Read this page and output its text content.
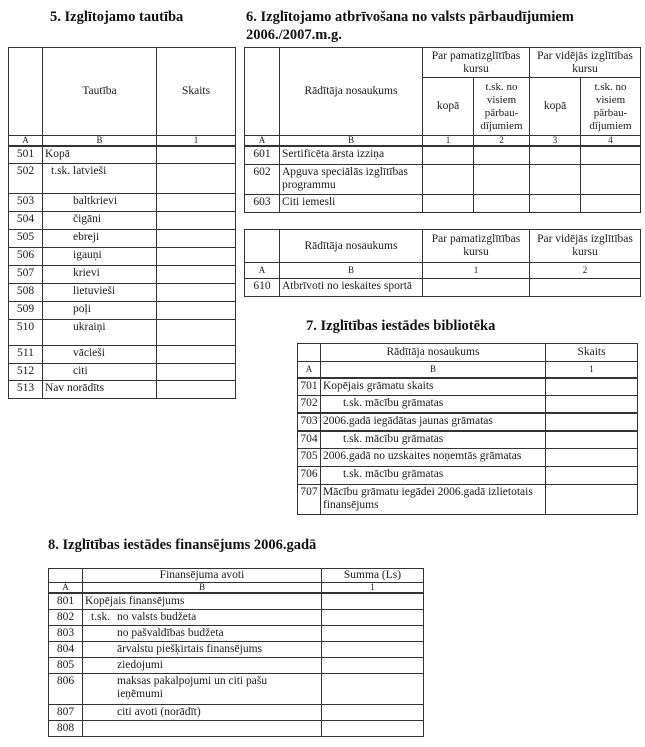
5. Izglītojamo tautība
	Tautība	Skaits
A	B	1
501	Kopā	
502	t.sk. latvieši	
503	baltkrievi	
504	čigāni	
505	ebreji	
506	igauņi	
507	krievi	
508	lietuvieši	
509	poļi	
510	ukraiņi	
511	vācieši	
512	citi	
513	Nav norādīts	
6. Izglītojamo atbrīvošana no valsts pārbaudījumiem
2006./2007.m.g.
	Rādītāja nosaukums	Par pamatizglītības kursu		Par vidējās izglītības kursu	
		kopā	t.sk. no visiem pārbau-dījumiem	kopā	t.sk. no visiem pārbau-dījumiem
A	B	1	2	3	4
601	Sertificēta ārsta izziņa				
602	Apguva speciālās izglītības programmu				
603	Citi iemesli				
	Rādītāja nosaukums	Par pamatizglītības kursu	Par vidējās izglītības kursu
A	B	1	2
610	Atbrīvoti no ieskaites sportā		
7. Izglītības iestādes bibliotēka
	Rādītāja nosaukums	Skaits
A	B	1
701	Kopējais grāmatu skaits	
702	t.sk. mācību grāmatas	
703	2006.gadā iegādātas jaunas grāmatas	
704	t.sk. mācību grāmatas	
705	2006.gadā no uzskaites noņemtās grāmatas	
706	t.sk. mācību grāmatas	
707	Mācību grāmatu iegādei 2006.gadā izlietotais finansējums	
8. Izglītības iestādes finansējums 2006.gadā
	Finansējuma avoti	Summa (Ls)
A	B	1
801	Kopējais finansējums	
802	t.sk. no valsts budžeta	
803	no pašvaldības budžeta	
804	ārvalstu piešķirtais finansējums	
805	ziedojumi	
806	maksas pakalpojumi un citi pašu ieņēmumi	
807	citi avoti (norādīt)	
808		
